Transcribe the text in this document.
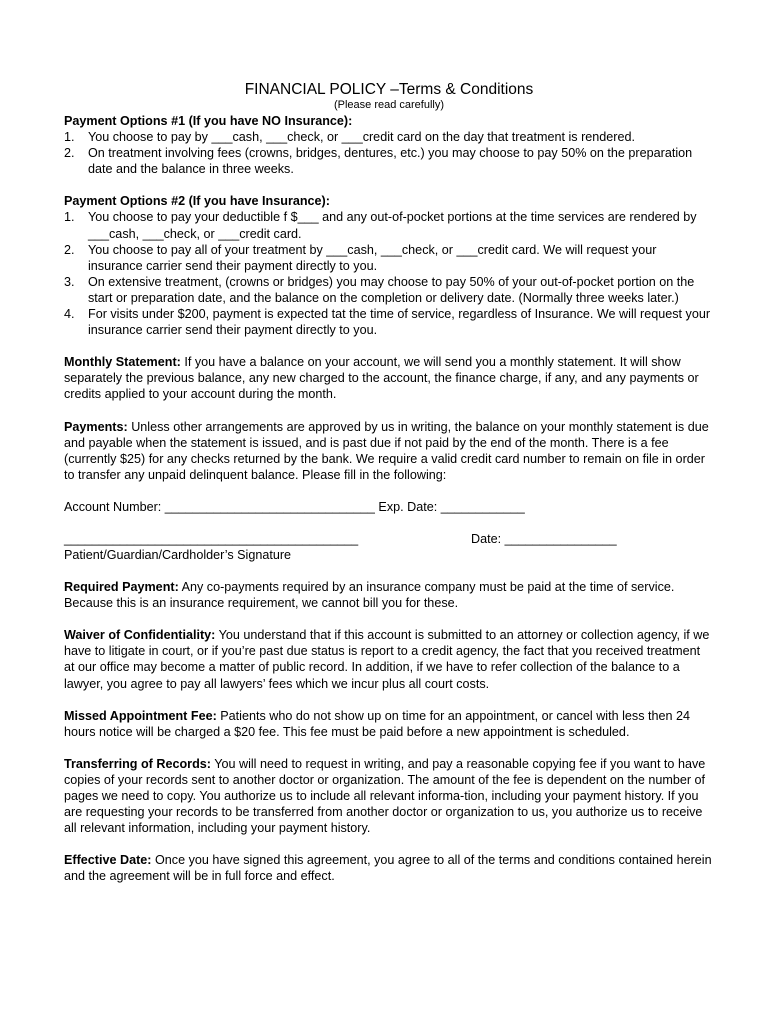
FINANCIAL POLICY –Terms & Conditions
(Please read carefully)

Payment Options #1 (If you have NO Insurance):

1. You choose to pay by ___cash, ___check, or ___credit card on the day that treatment is rendered.
2. On treatment involving fees (crowns, bridges, dentures, etc.) you may choose to pay 50% on the preparation date and the balance in three weeks.

Payment Options #2 (If you have Insurance):

1. You choose to pay your deductible f $___ and any out-of-pocket portions at the time services are rendered by ___cash, ___check, or ___credit card.
2. You choose to pay all of your treatment by ___cash, ___check, or ___credit card. We will request your insurance carrier send their payment directly to you.
3. On extensive treatment, (crowns or bridges) you may choose to pay 50% of your out-of-pocket portion on the start or preparation date, and the balance on the completion or delivery date. (Normally three weeks later.)
4. For visits under $200, payment is expected tat the time of service, regardless of Insurance. We will request your insurance carrier send their payment directly to you.

Monthly Statement: If you have a balance on your account, we will send you a monthly statement. It will show separately the previous balance, any new charged to the account, the finance charge, if any, and any payments or credits applied to your account during the month.

Payments: Unless other arrangements are approved by us in writing, the balance on your monthly statement is due and payable when the statement is issued, and is past due if not paid by the end of the month. There is a fee (currently $25) for any checks returned by the bank. We require a valid credit card number to remain on file in order to transfer any unpaid delinquent balance. Please fill in the following:

Account Number: ______________________________ Exp. Date: ____________
__________________________________________	Date: ________________

Patient/Guardian/Cardholder’s Signature

Required Payment: Any co-payments required by an insurance company must be paid at the time of service. Because this is an insurance requirement, we cannot bill you for these.

Waiver of Confidentiality: You understand that if this account is submitted to an attorney or collection agency, if we have to litigate in court, or if you’re past due status is report to a credit agency, the fact that you received treatment at our office may become a matter of public record. In addition, if we have to refer collection of the balance to a lawyer, you agree to pay all lawyers’ fees which we incur plus all court costs.

Missed Appointment Fee: Patients who do not show up on time for an appointment, or cancel with less then 24 hours notice will be charged a $20 fee. This fee must be paid before a new appointment is scheduled.

Transferring of Records: You will need to request in writing, and pay a reasonable copying fee if you want to have copies of your records sent to another doctor or organization. The amount of the fee is dependent on the number of pages we need to copy. You authorize us to include all relevant informa-tion, including your payment history. If you are requesting your records to be transferred from another doctor or organization to us, you authorize us to receive all relevant information, including your payment history.

Effective Date: Once you have signed this agreement, you agree to all of the terms and conditions contained herein and the agreement will be in full force and effect.
